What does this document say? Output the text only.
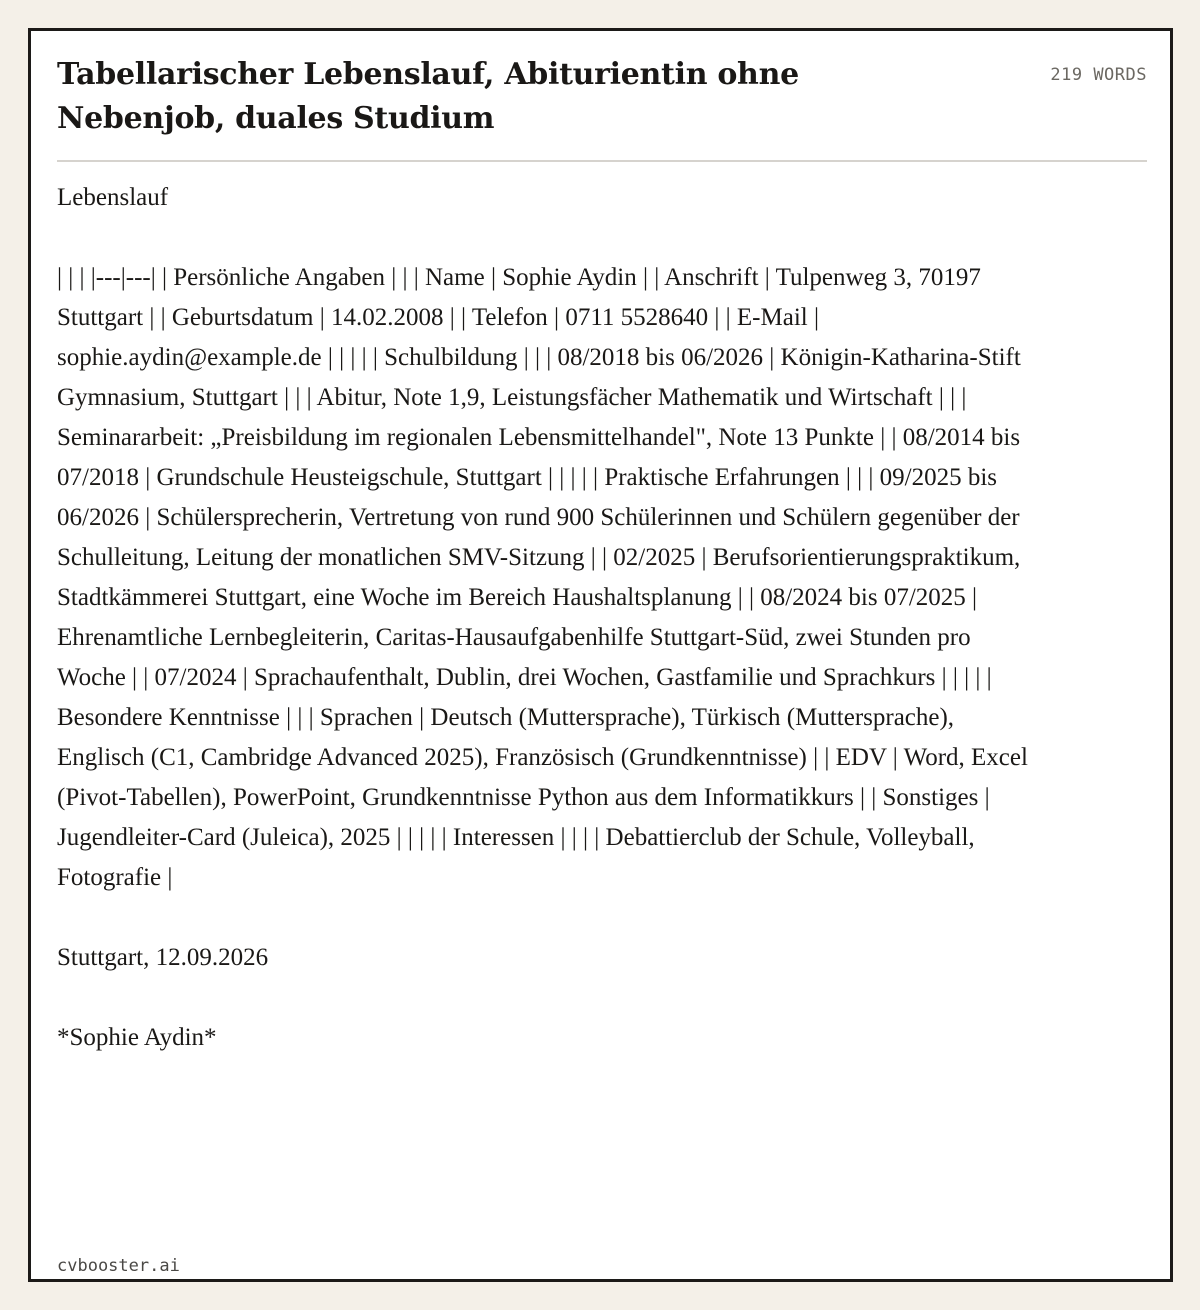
Tabellarischer Lebenslauf, Abiturientin ohne Nebenjob, duales Studium
219 WORDS
Lebenslauf
| | | |---|---| | Persönliche Angaben | | | Name | Sophie Aydin | | Anschrift | Tulpenweg 3, 70197 Stuttgart | | Geburtsdatum | 14.02.2008 | | Telefon | 0711 5528640 | | E-Mail | sophie.aydin@example.de | | | | | Schulbildung | | | 08/2018 bis 06/2026 | Königin-Katharina-Stift Gymnasium, Stuttgart | | | Abitur, Note 1,9, Leistungsfächer Mathematik und Wirtschaft | | | Seminararbeit: „Preisbildung im regionalen Lebensmittelhandel", Note 13 Punkte | | 08/2014 bis 07/2018 | Grundschule Heusteigschule, Stuttgart | | | | | Praktische Erfahrungen | | | 09/2025 bis 06/2026 | Schülersprecherin, Vertretung von rund 900 Schülerinnen und Schülern gegenüber der Schulleitung, Leitung der monatlichen SMV-Sitzung | | 02/2025 | Berufsorientierungspraktikum, Stadtkämmerei Stuttgart, eine Woche im Bereich Haushaltsplanung | | 08/2024 bis 07/2025 | Ehrenamtliche Lernbegleiterin, Caritas-Hausaufgabenhilfe Stuttgart-Süd, zwei Stunden pro Woche | | 07/2024 | Sprachaufenthalt, Dublin, drei Wochen, Gastfamilie und Sprachkurs | | | | | Besondere Kenntnisse | | | Sprachen | Deutsch (Muttersprache), Türkisch (Muttersprache), Englisch (C1, Cambridge Advanced 2025), Französisch (Grundkenntnisse) | | EDV | Word, Excel (Pivot-Tabellen), PowerPoint, Grundkenntnisse Python aus dem Informatikkurs | | Sonstiges | Jugendleiter-Card (Juleica), 2025 | | | | | Interessen | | | | Debattierclub der Schule, Volleyball, Fotografie |
Stuttgart, 12.09.2026
*Sophie Aydin*
cvbooster.ai
